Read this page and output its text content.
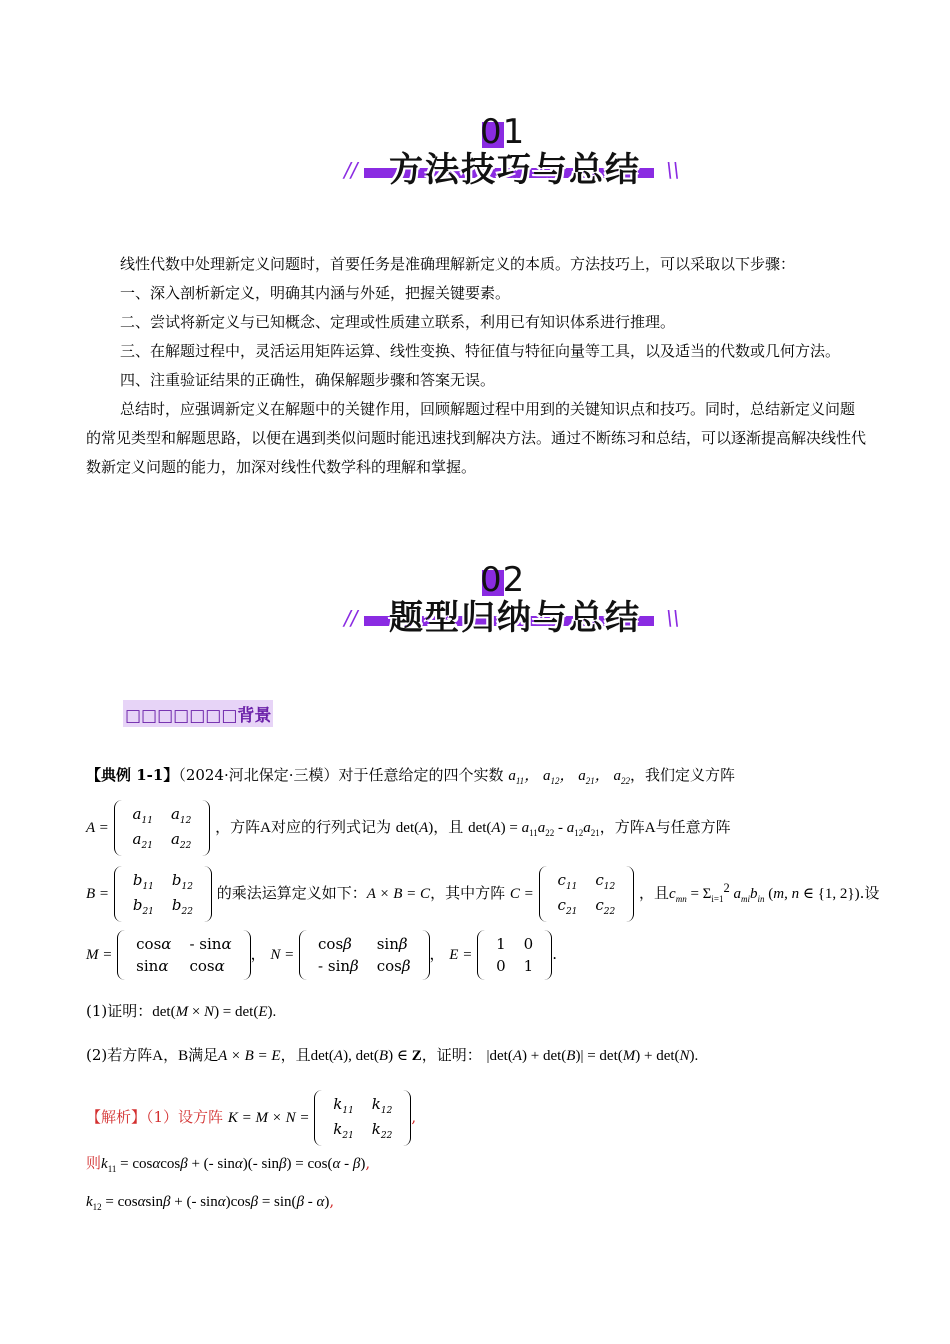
01
// 方法技巧与总结	\\

线性代数中处理新定义问题时，首要任务是准确理解新定义的本质。方法技巧上，可以采取以下步骤：

一、深入剖析新定义，明确其内涵与外延，把握关键要素。

二、尝试将新定义与已知概念、定理或性质建立联系，利用已有知识体系进行推理。

三、在解题过程中，灵活运用矩阵运算、线性变换、特征值与特征向量等工具，以及适当的代数或几何方法。

四、注重验证结果的正确性，确保解题步骤和答案无误。

总结时，应强调新定义在解题中的关键作用，回顾解题过程中用到的关键知识点和技巧。同时，总结新定义问题的常见类型和解题思路，以便在遇到类似问题时能迅速找到解决方法。通过不断练习和总结，可以逐渐提高解决线性代数新定义问题的能力，加深对线性代数学科的理解和掌握。

02
// 题型归纳与总结	\\
□□□□□□□背景
【典例 1-1】（2024·河北保定·三模）对于任意给定的四个实数 $a_{11}$， $a_{12}$， $a_{21}$， $a_{22}$，我们定义方阵
$A = a_{11}$	$a_{12}$
$a_{21}$	$a_{22}$ ，方阵A对应的行列式记为 det(A)，且 $\det(A) = a_{11}a_{22} - a_{12}a_{21}$，方阵A与任意方阵
$B = b_{11}$	$b_{12}$
$b_{21}$	$b_{22}$ 的乘法运算定义如下：A × B = C，其中方阵 $C = c_{11}$	$c_{12}$
$c_{21}$	$c_{22}$ ，且$c_{mn} = \Sigma_{i=1}^2$ $a_{mi}b_{in}$ (m, n ∈ {1, 2}).设
M = cosα	- sinα
sinα	cosα， N = cosβ	sinβ
- sinβ	cosβ， E = 1	0
0	1.
(1)证明：det(M × N) = det(E).
(2)若方阵A，B满足A × B = E，且det(A), det(B) ∈ Z，证明： |det(A) + det(B)| = det(M) + det(N).
【解析】（1）设方阵 $K = M \times N = k_{11}$	$k_{12}$
$k_{21}$	$k_{22}$,
则$k_{11} = \cos\alpha\cos\beta$ + (- sinα)(- sinβ) = cos(α - β),
$k_{12} = \cos\alpha\sin\beta$ + (- sinα)cosβ = sin(β - α),
